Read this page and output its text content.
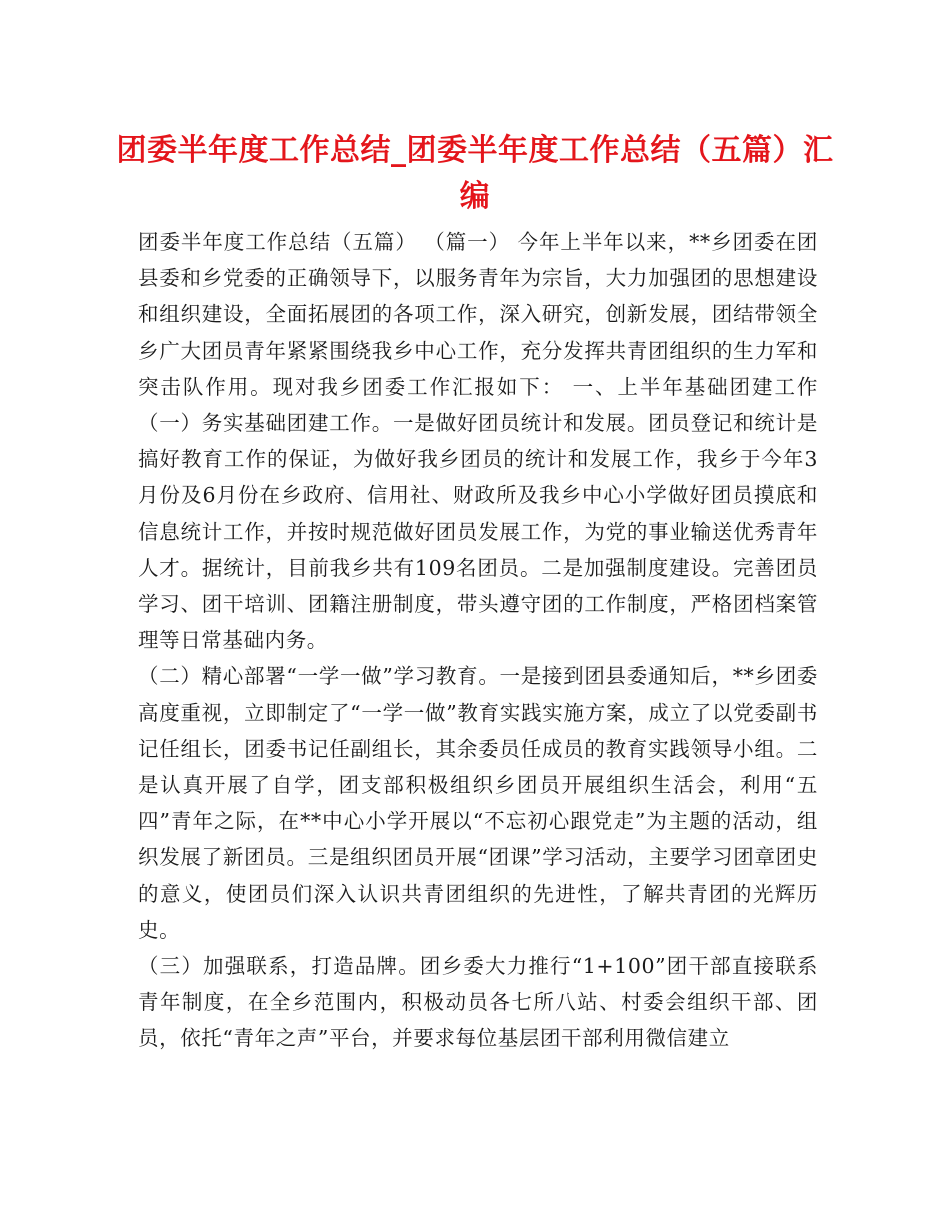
团委半年度工作总结_团委半年度工作总结（五篇）汇编

团委半年度工作总结（五篇） （篇一） 今年上半年以来，**乡团委在团县委和乡党委的正确领导下，以服务青年为宗旨，大力加强团的思想建设和组织建设，全面拓展团的各项工作，深入研究，创新发展，团结带领全乡广大团员青年紧紧围绕我乡中心工作，充分发挥共青团组织的生力军和突击队作用。现对我乡团委工作汇报如下： 一、上半年基础团建工作 （一）务实基础团建工作。一是做好团员统计和发展。团员登记和统计是搞好教育工作的保证，为做好我乡团员的统计和发展工作，我乡于今年3月份及6月份在乡政府、信用社、财政所及我乡中心小学做好团员摸底和信息统计工作，并按时规范做好团员发展工作，为党的事业输送优秀青年人才。据统计，目前我乡共有109名团员。二是加强制度建设。完善团员学习、团干培训、团籍注册制度，带头遵守团的工作制度，严格团档案管理等日常基础内务。

（二）精心部署“一学一做”学习教育。一是接到团县委通知后，**乡团委高度重视，立即制定了“一学一做”教育实践实施方案，成立了以党委副书记任组长，团委书记任副组长，其余委员任成员的教育实践领导小组。二是认真开展了自学，团支部积极组织乡团员开展组织生活会，利用“五四”青年之际，在**中心小学开展以“不忘初心跟党走”为主题的活动，组织发展了新团员。三是组织团员开展“团课”学习活动，主要学习团章团史的意义，使团员们深入认识共青团组织的先进性，了解共青团的光辉历史。

（三）加强联系，打造品牌。团乡委大力推行“1+100”团干部直接联系青年制度，在全乡范围内，积极动员各七所八站、村委会组织干部、团员，依托“青年之声”平台，并要求每位基层团干部利用微信建立
